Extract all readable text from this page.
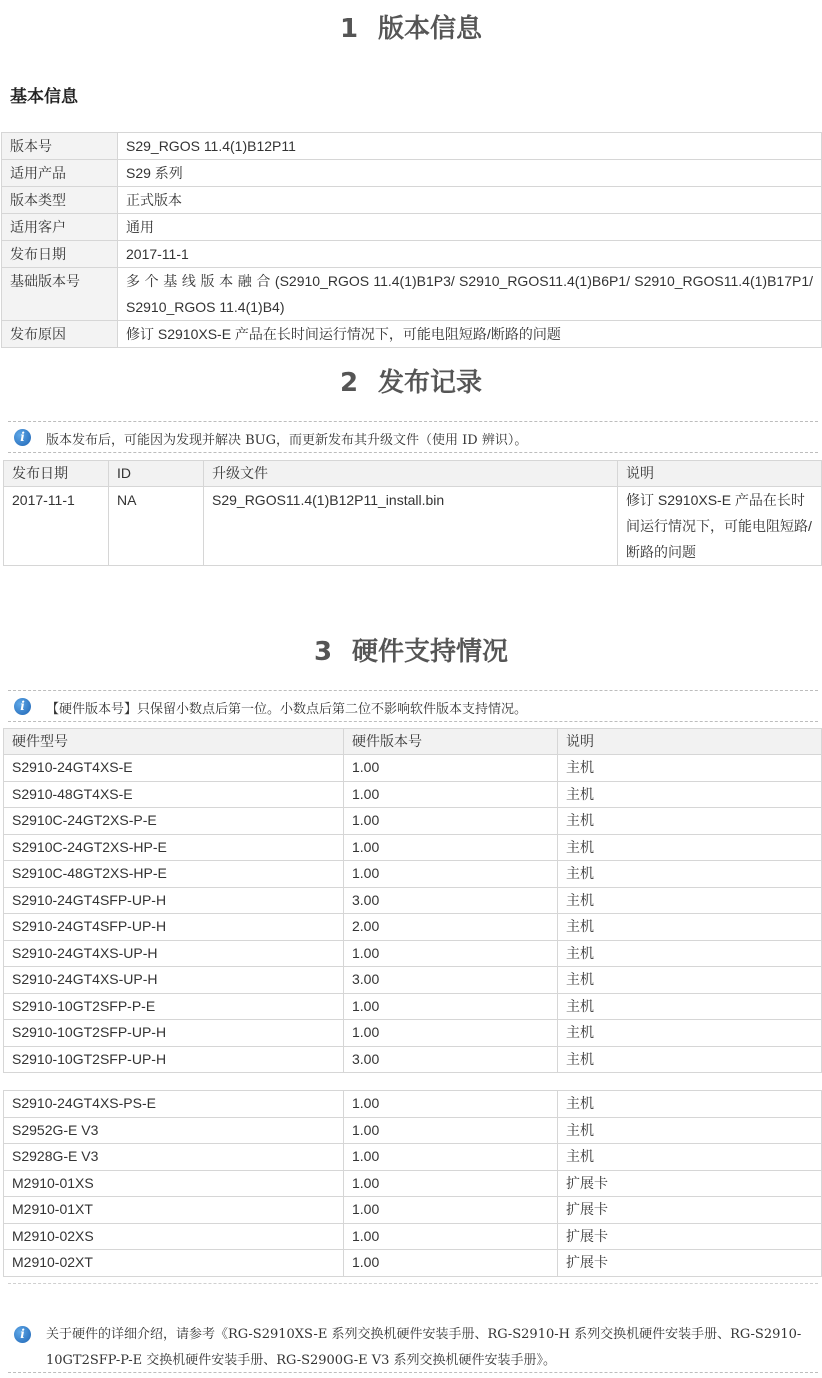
1 版本信息
基本信息
版本号	S29_RGOS 11.4(1)B12P11
适用产品	S29 系列
版本类型	正式版本
适用客户	通用
发布日期	2017-11-1
基础版本号	多 个 基 线 版 本 融 合 (S2910_RGOS 11.4(1)B1P3/ S2910_RGOS11.4(1)B6P1/ S2910_RGOS11.4(1)B17P1/ S2910_RGOS 11.4(1)B4)
发布原因	修订 S2910XS-E 产品在长时间运行情况下，可能电阻短路/断路的问题
2 发布记录
i	版本发布后，可能因为发现并解决 BUG，而更新发布其升级文件（使用 ID 辨识）。
发布日期	ID	升级文件	说明
2017-11-1	NA	S29_RGOS11.4(1)B12P11_install.bin	修订 S2910XS-E 产品在长时间运行情况下，可能电阻短路/断路的问题
3 硬件支持情况
i	【硬件版本号】只保留小数点后第一位。小数点后第二位不影响软件版本支持情况。
硬件型号	硬件版本号	说明
S2910-24GT4XS-E	1.00	主机
S2910-48GT4XS-E	1.00	主机
S2910C-24GT2XS-P-E	1.00	主机
S2910C-24GT2XS-HP-E	1.00	主机
S2910C-48GT2XS-HP-E	1.00	主机
S2910-24GT4SFP-UP-H	3.00	主机
S2910-24GT4SFP-UP-H	2.00	主机
S2910-24GT4XS-UP-H	1.00	主机
S2910-24GT4XS-UP-H	3.00	主机
S2910-10GT2SFP-P-E	1.00	主机
S2910-10GT2SFP-UP-H	1.00	主机
S2910-10GT2SFP-UP-H	3.00	主机
S2910-24GT4XS-PS-E	1.00	主机
S2952G-E V3	1.00	主机
S2928G-E V3	1.00	主机
M2910-01XS	1.00	扩展卡
M2910-01XT	1.00	扩展卡
M2910-02XS	1.00	扩展卡
M2910-02XT	1.00	扩展卡
i	关于硬件的详细介绍，请参考《RG-S2910XS-E 系列交换机硬件安装手册、RG-S2910-H 系列交换机硬件安装手册、RG-S2910-10GT2SFP-P-E 交换机硬件安装手册、RG-S2900G-E V3 系列交换机硬件安装手册》。
